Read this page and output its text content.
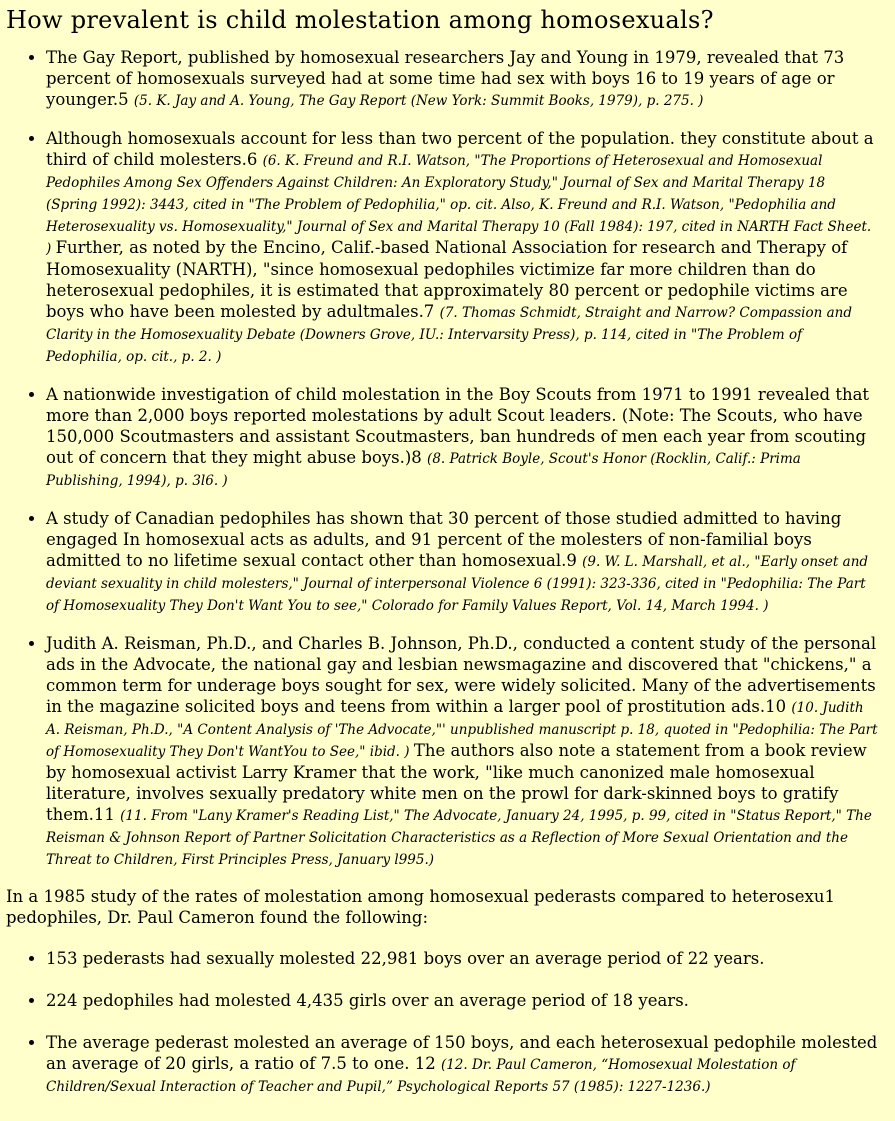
How prevalent is child molestation among homosexuals?
• The Gay Report, published by homosexual researchers Jay and Young in 1979, revealed that 73 percent of homosexuals surveyed had at some time had sex with boys 16 to 19 years of age or younger.5 (5. K. Jay and A. Young, The Gay Report (New York: Summit Books, 1979), p. 275. )
• Although homosexuals account for less than two percent of the population. they constitute about a third of child molesters.6 (6. K. Freund and R.I. Watson, "The Proportions of Heterosexual and Homosexual Pedophiles Among Sex Offenders Against Children: An Exploratory Study," Journal of Sex and Marital Therapy 18 (Spring 1992): 3443, cited in "The Problem of Pedophilia," op. cit. Also, K. Freund and R.I. Watson, "Pedophilia and Heterosexuality vs. Homosexuality," Journal of Sex and Marital Therapy 10 (Fall 1984): 197, cited in NARTH Fact Sheet. ) Further, as noted by the Encino, Calif.-based National Association for research and Therapy of Homosexuality (NARTH), "since homosexual pedophiles victimize far more children than do heterosexual pedophiles, it is estimated that approximately 80 percent or pedophile victims are boys who have been molested by adultmales.7 (7. Thomas Schmidt, Straight and Narrow? Compassion and Clarity in the Homosexuality Debate (Downers Grove, IU.: Intervarsity Press), p. 114, cited in "The Problem of Pedophilia, op. cit., p. 2. )
• A nationwide investigation of child molestation in the Boy Scouts from 1971 to 1991 revealed that more than 2,000 boys reported molestations by adult Scout leaders. (Note: The Scouts, who have 150,000 Scoutmasters and assistant Scoutmasters, ban hundreds of men each year from scouting out of concern that they might abuse boys.)8 (8. Patrick Boyle, Scout's Honor (Rocklin, Calif.: Prima Publishing, 1994), p. 3l6. )
• A study of Canadian pedophiles has shown that 30 percent of those studied admitted to having engaged In homosexual acts as adults, and 91 percent of the molesters of non-familial boys admitted to no lifetime sexual contact other than homosexual.9 (9. W. L. Marshall, et al., "Early onset and deviant sexuality in child molesters," Journal of interpersonal Violence 6 (1991): 323-336, cited in "Pedophilia: The Part of Homosexuality They Don't Want You to see," Colorado for Family Values Report, Vol. 14, March 1994. )
• Judith A. Reisman, Ph.D., and Charles B. Johnson, Ph.D., conducted a content study of the personal ads in the Advocate, the national gay and lesbian newsmagazine and discovered that "chickens," a common term for underage boys sought for sex, were widely solicited. Many of the advertisements in the magazine solicited boys and teens from within a larger pool of prostitution ads.10 (10. Judith A. Reisman, Ph.D., "A Content Analysis of 'The Advocate,"' unpublished manuscript p. 18, quoted in "Pedophilia: The Part of Homosexuality They Don't WantYou to See," ibid. ) The authors also note a statement from a book review by homosexual activist Larry Kramer that the work, "like much canonized male homosexual literature, involves sexually predatory white men on the prowl for dark-skinned boys to gratify them.11 (11. From "Lany Kramer's Reading List," The Advocate, January 24, 1995, p. 99, cited in "Status Report," The Reisman & Johnson Report of Partner Solicitation Characteristics as a Reflection of More Sexual Orientation and the Threat to Children, First Principles Press, January l995.)

In a 1985 study of the rates of molestation among homosexual pederasts compared to heterosexu1 pedophiles, Dr. Paul Cameron found the following:

• 153 pederasts had sexually molested 22,981 boys over an average period of 22 years.
• 224 pedophiles had molested 4,435 girls over an average period of 18 years.
• The average pederast molested an average of 150 boys, and each heterosexual pedophile molested an average of 20 girls, a ratio of 7.5 to one. 12 (12. Dr. Paul Cameron, “Homosexual Molestation of Children/Sexual Interaction of Teacher and Pupil,” Psychological Reports 57 (1985): 1227-1236.)
